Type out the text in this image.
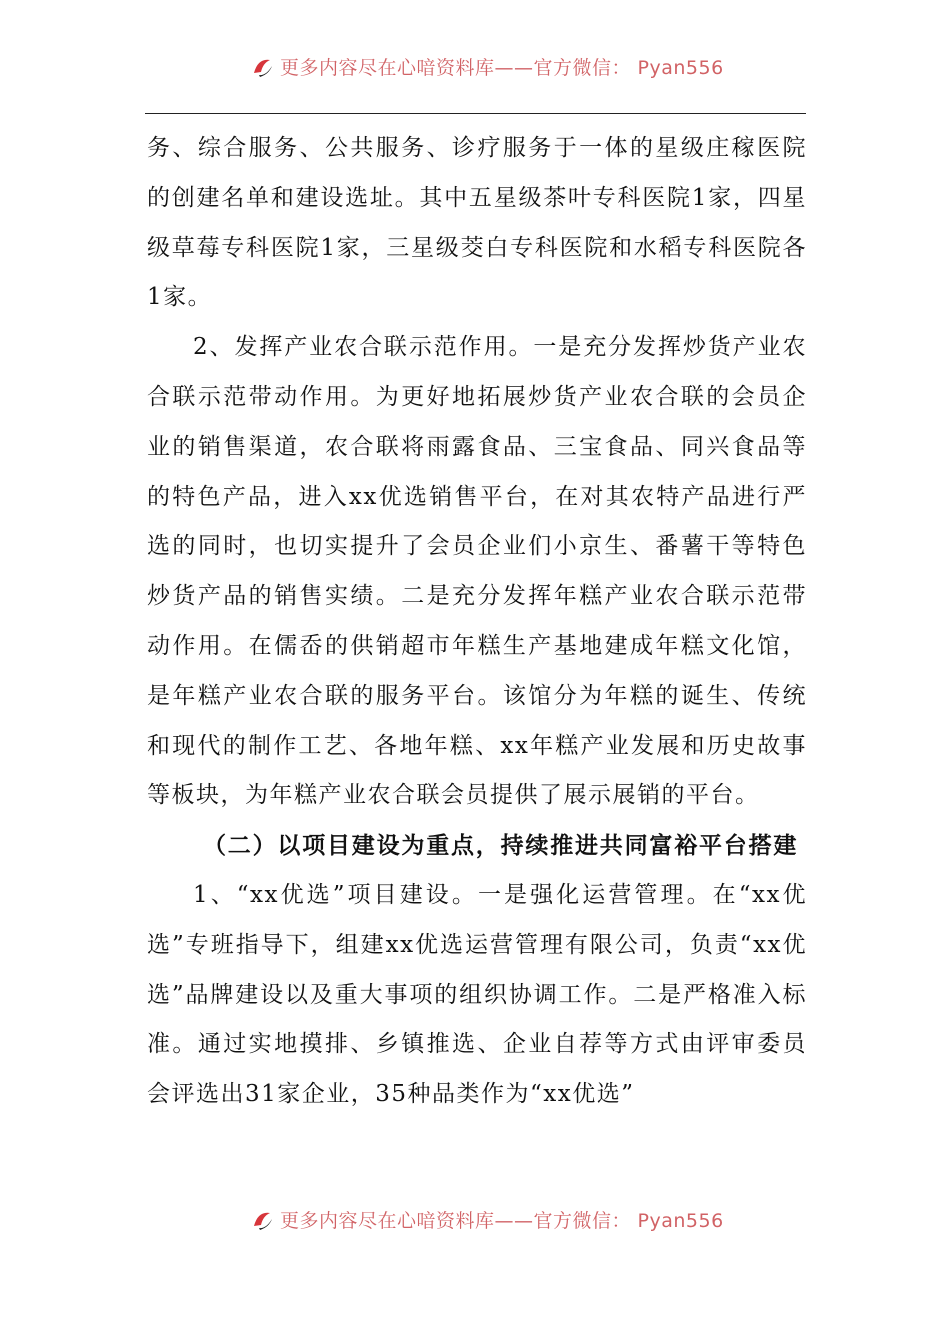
更多内容尽在心喑资料库——官方微信： Pyan556

务、综合服务、公共服务、诊疗服务于一体的星级庄稼医院的创建名单和建设选址。其中五星级茶叶专科医院1家，四星级草莓专科医院1家，三星级茭白专科医院和水稻专科医院各1家。

2、发挥产业农合联示范作用。一是充分发挥炒货产业农合联示范带动作用。为更好地拓展炒货产业农合联的会员企业的销售渠道，农合联将雨露食品、三宝食品、同兴食品等的特色产品，进入xx优选销售平台，在对其农特产品进行严选的同时，也切实提升了会员企业们小京生、番薯干等特色炒货产品的销售实绩。二是充分发挥年糕产业农合联示范带动作用。在儒岙的供销超市年糕生产基地建成年糕文化馆，是年糕产业农合联的服务平台。该馆分为年糕的诞生、传统和现代的制作工艺、各地年糕、xx年糕产业发展和历史故事等板块，为年糕产业农合联会员提供了展示展销的平台。

（二）以项目建设为重点，持续推进共同富裕平台搭建

1、“xx优选”项目建设。一是强化运营管理。在“xx优选”专班指导下，组建xx优选运营管理有限公司，负责“xx优选”品牌建设以及重大事项的组织协调工作。二是严格准入标准。通过实地摸排、乡镇推选、企业自荐等方式由评审委员会评选出31家企业，35种品类作为“xx优选”

更多内容尽在心喑资料库——官方微信： Pyan556
